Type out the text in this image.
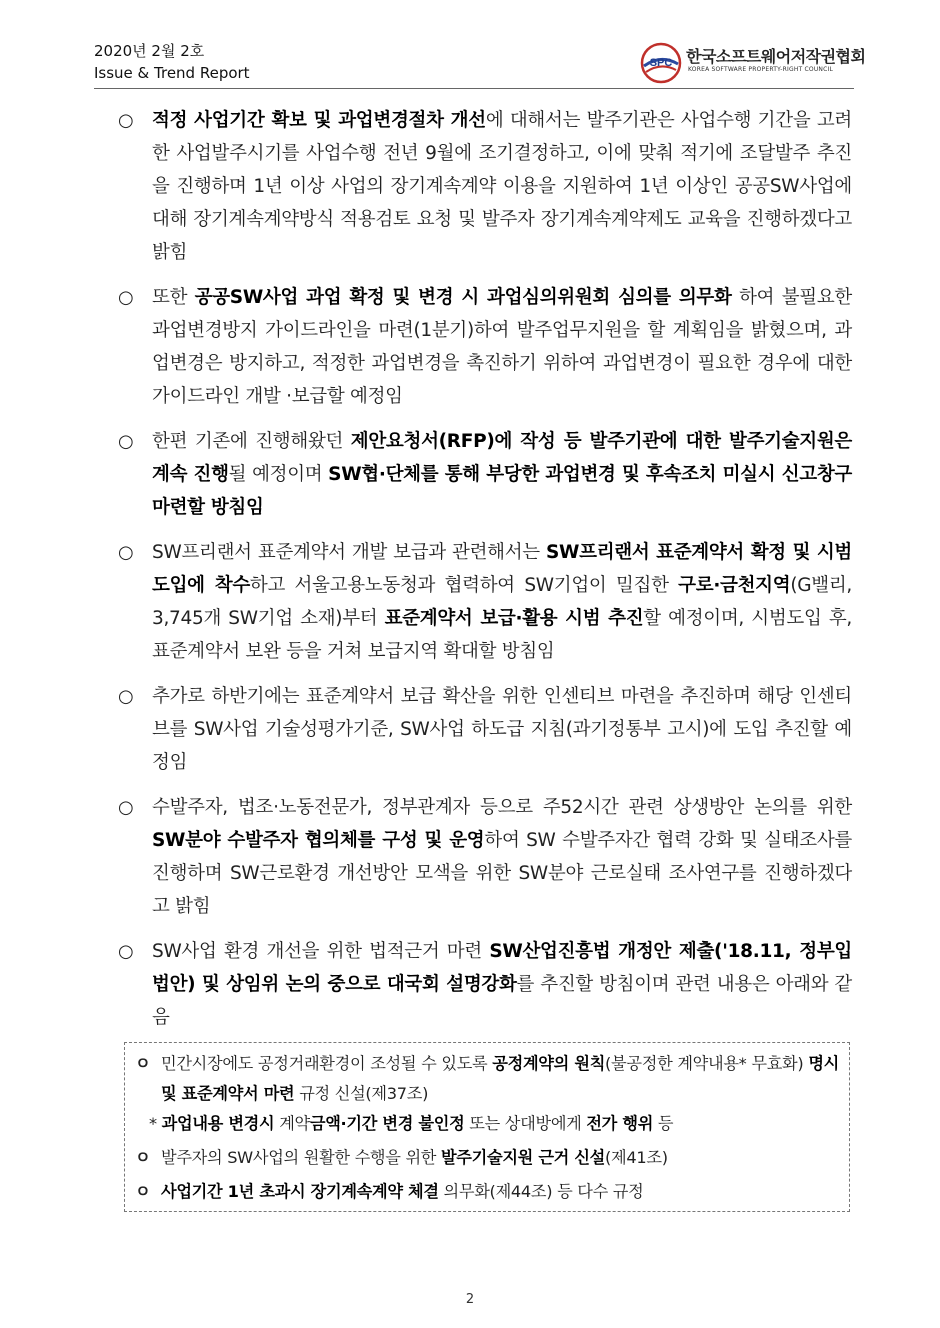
2020년 2월 2호
Issue & Trend Report
SPC 한국소프트웨어저작권협회
KOREA SOFTWARE PROPERTY-RIGHT COUNCIL
○ 적정 사업기간 확보 및 과업변경절차 개선에 대해서는 발주기관은 사업수행 기간을 고려한 사업발주시기를 사업수행 전년 9월에 조기결정하고, 이에 맞춰 적기에 조달발주 추진을 진행하며 1년 이상 사업의 장기계속계약 이용을 지원하여 1년 이상인 공공SW사업에 대해 장기계속계약방식 적용검토 요청 및 발주자 장기계속계약제도 교육을 진행하겠다고 밝힘
○ 또한 공공SW사업 과업 확정 및 변경 시 과업심의위원회 심의를 의무화 하여 불필요한 과업변경방지 가이드라인을 마련(1분기)하여 발주업무지원을 할 계획임을 밝혔으며, 과업변경은 방지하고, 적정한 과업변경을 촉진하기 위하여 과업변경이 필요한 경우에 대한 가이드라인 개발 ·보급할 예정임
○ 한편 기존에 진행해왔던 제안요청서(RFP)에 작성 등 발주기관에 대한 발주기술지원은 계속 진행될 예정이며 SW협·단체를 통해 부당한 과업변경 및 후속조치 미실시 신고창구 마련할 방침임
○ SW프리랜서 표준계약서 개발 보급과 관련해서는 SW프리랜서 표준계약서 확정 및 시범도입에 착수하고 서울고용노동청과 협력하여 SW기업이 밀집한 구로·금천지역(G밸리, 3,745개 SW기업 소재)부터 표준계약서 보급·활용 시범 추진할 예정이며, 시범도입 후, 표준계약서 보완 등을 거쳐 보급지역 확대할 방침임
○ 추가로 하반기에는 표준계약서 보급 확산을 위한 인센티브 마련을 추진하며 해당 인센티브를 SW사업 기술성평가기준, SW사업 하도급 지침(과기정통부 고시)에 도입 추진할 예정임
○ 수발주자, 법조·노동전문가, 정부관계자 등으로 주52시간 관련 상생방안 논의를 위한 SW분야 수발주자 협의체를 구성 및 운영하여 SW 수발주자간 협력 강화 및 실태조사를 진행하며 SW근로환경 개선방안 모색을 위한 SW분야 근로실태 조사연구를 진행하겠다고 밝힘
○ SW사업 환경 개선을 위한 법적근거 마련 SW산업진흥법 개정안 제출('18.11, 정부입법안) 및 상임위 논의 중으로 대국회 설명강화를 추진할 방침이며 관련 내용은 아래와 같음
ㅇ 민간시장에도 공정거래환경이 조성될 수 있도록 공정계약의 원칙(불공정한 계약내용* 무효화) 명시 및 표준계약서 마련 규정 신설(제37조)
* 과업내용 변경시 계약금액·기간 변경 불인정 또는 상대방에게 전가 행위 등
ㅇ 발주자의 SW사업의 원활한 수행을 위한 발주기술지원 근거 신설(제41조)
ㅇ 사업기간 1년 초과시 장기계속계약 체결 의무화(제44조) 등 다수 규정
2
